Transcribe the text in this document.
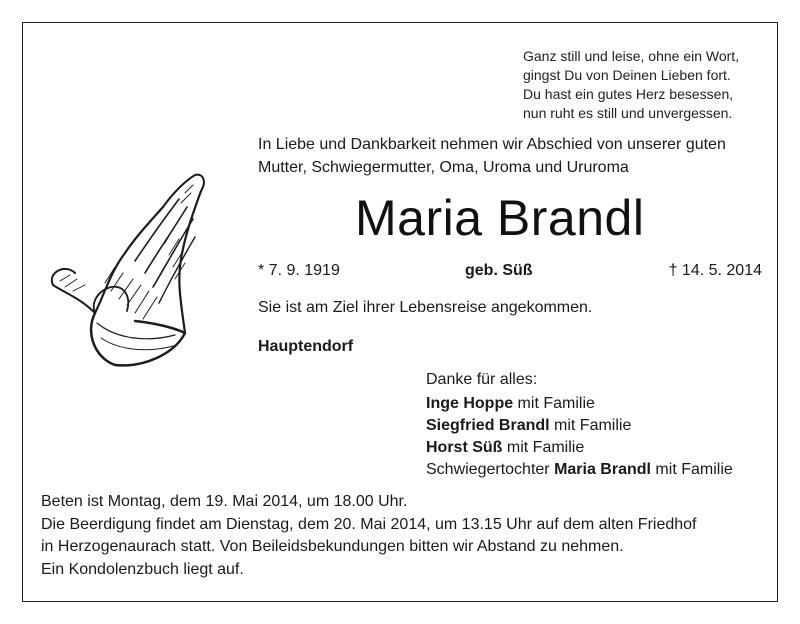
Ganz still und leise, ohne ein Wort,
gingst Du von Deinen Lieben fort.
Du hast ein gutes Herz besessen,
nun ruht es still und unvergessen.
In Liebe und Dankbarkeit nehmen wir Abschied von unserer guten
Mutter, Schwiegermutter, Oma, Uroma und Ururoma
Maria Brandl
* 7. 9. 1919	geb. Süß	† 14. 5. 2014
Sie ist am Ziel ihrer Lebensreise angekommen.
Hauptendorf
Danke für alles:
Inge Hoppe mit Familie
Siegfried Brandl mit Familie
Horst Süß mit Familie
Schwiegertochter Maria Brandl mit Familie
Beten ist Montag, dem 19. Mai 2014, um 18.00 Uhr.
Die Beerdigung findet am Dienstag, dem 20. Mai 2014, um 13.15 Uhr auf dem alten Friedhof
in Herzogenaurach statt. Von Beileidsbekundungen bitten wir Abstand zu nehmen.
Ein Kondolenzbuch liegt auf.
